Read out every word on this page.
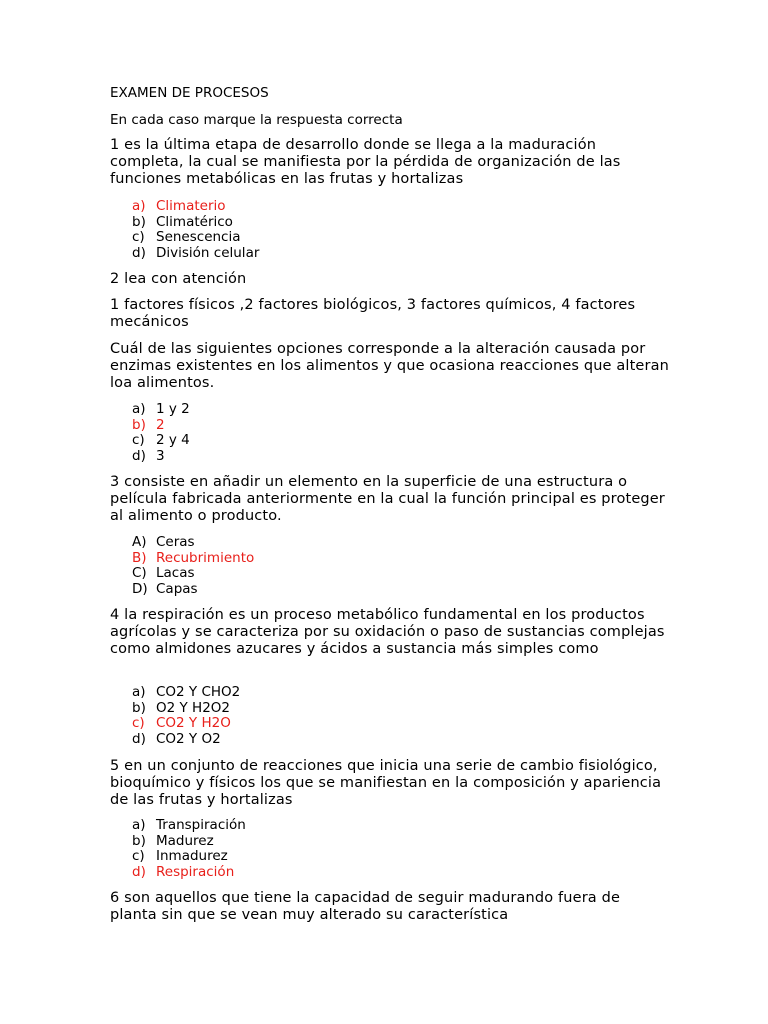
EXAMEN DE PROCESOS

En cada caso marque la respuesta correcta

1 es la última etapa de desarrollo donde se llega a la maduración completa, la cual se manifiesta por la pérdida de organización de las funciones metabólicas en las frutas y hortalizas

a) Climaterio
b) Climatérico
c) Senescencia
d) División celular

2 lea con atención

1 factores físicos ,2 factores biológicos, 3 factores químicos, 4 factores mecánicos

Cuál de las siguientes opciones corresponde a la alteración causada por enzimas existentes en los alimentos y que ocasiona reacciones que alteran loa alimentos.

a) 1 y 2
b) 2
c) 2 y 4
d) 3

3 consiste en añadir un elemento en la superficie de una estructura o película fabricada anteriormente en la cual la función principal es proteger al alimento o producto.

A) Ceras
B) Recubrimiento
C) Lacas
D) Capas

4 la respiración es un proceso metabólico fundamental en los productos agrícolas y se caracteriza por su oxidación o paso de sustancias complejas como almidones azucares y ácidos a sustancia más simples como

a) CO2 Y CHO2
b) O2 Y H2O2
c) CO2 Y H2O
d) CO2 Y O2

5 en un conjunto de reacciones que inicia una serie de cambio fisiológico, bioquímico y físicos los que se manifiestan en la composición y apariencia de las frutas y hortalizas

a) Transpiración
b) Madurez
c) Inmadurez
d) Respiración

6 son aquellos que tiene la capacidad de seguir madurando fuera de planta sin que se vean muy alterado su característica
